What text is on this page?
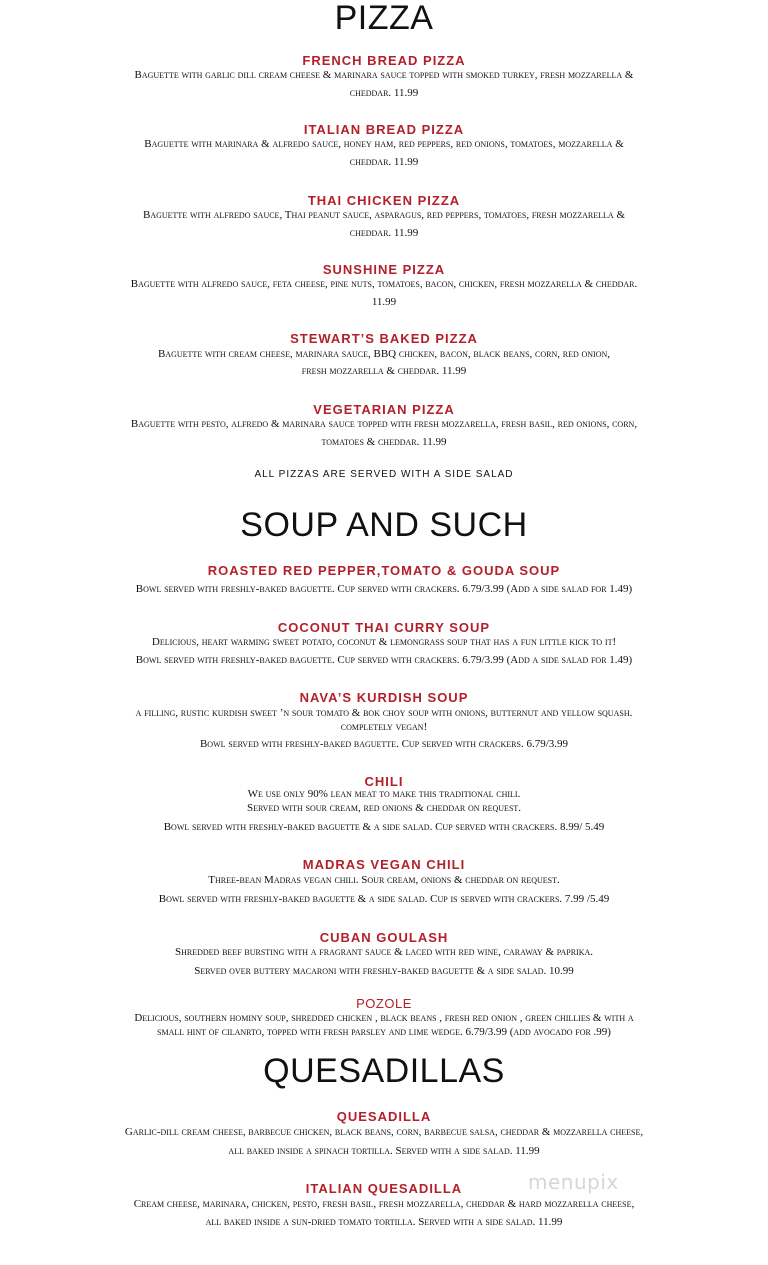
PIZZA
FRENCH BREAD PIZZA
Baguette with garlic dill cream cheese & marinara sauce topped with smoked turkey, fresh mozzarella &
cheddar. 11.99
ITALIAN BREAD PIZZA
Baguette with marinara & alfredo sauce, honey ham, red peppers, red onions, tomatoes, mozzarella &
cheddar. 11.99
THAI CHICKEN PIZZA
Baguette with alfredo sauce, Thai peanut sauce, asparagus, red peppers, tomatoes, fresh mozzarella &
cheddar. 11.99
SUNSHINE PIZZA
Baguette with alfredo sauce, feta cheese, pine nuts, tomatoes, bacon, chicken, fresh mozzarella & cheddar.
11.99
STEWART’S BAKED PIZZA
Baguette with cream cheese, marinara sauce, BBQ chicken, bacon, black beans, corn, red onion,
fresh mozzarella & cheddar. 11.99
VEGETARIAN PIZZA
Baguette with pesto, alfredo & marinara sauce topped with fresh mozzarella, fresh basil, red onions, corn,
tomatoes & cheddar. 11.99
ALL PIZZAS ARE SERVED WITH A SIDE SALAD
SOUP AND SUCH
ROASTED RED PEPPER,TOMATO & GOUDA SOUP
Bowl served with freshly-baked baguette. Cup served with crackers. 6.79/3.99 (Add a side salad for 1.49)
COCONUT THAI CURRY SOUP
Delicious, heart warming sweet potato, coconut & lemongrass soup that has a fun little kick to it!
Bowl served with freshly-baked baguette. Cup served with crackers. 6.79/3.99 (Add a side salad for 1.49)
NAVA’S KURDISH SOUP
a filling, rustic kurdish sweet ’n sour tomato & bok choy soup with onions, butternut and yellow squash.
completely vegan!
Bowl served with freshly-baked baguette. Cup served with crackers. 6.79/3.99
CHILI
We use only 90% lean meat to make this traditional chili.
Served with sour cream, red onions & cheddar on request.
Bowl served with freshly-baked baguette & a side salad. Cup served with crackers. 8.99/ 5.49
MADRAS VEGAN CHILI
Three-bean Madras vegan chili. Sour cream, onions & cheddar on request.
Bowl served with freshly-baked baguette & a side salad. Cup is served with crackers. 7.99 /5.49
CUBAN GOULASH
Shredded beef bursting with a fragrant sauce & laced with red wine, caraway & paprika.
Served over buttery macaroni with freshly-baked baguette & a side salad. 10.99
POZOLE
Delicious, southern hominy soup, shredded chicken , black beans , fresh red onion , green chillies & with a
small hint of cilanrto, topped with fresh parsley and lime wedge. 6.79/3.99 (add avocado for .99)
QUESADILLAS
QUESADILLA
Garlic-dill cream cheese, barbecue chicken, black beans, corn, barbecue salsa, cheddar & mozzarella cheese,
all baked inside a spinach tortilla. Served with a side salad. 11.99
ITALIAN QUESADILLA
Cream cheese, marinara, chicken, pesto, fresh basil, fresh mozzarella, cheddar & hard mozzarella cheese,
all baked inside a sun-dried tomato tortilla. Served with a side salad. 11.99
menupix
